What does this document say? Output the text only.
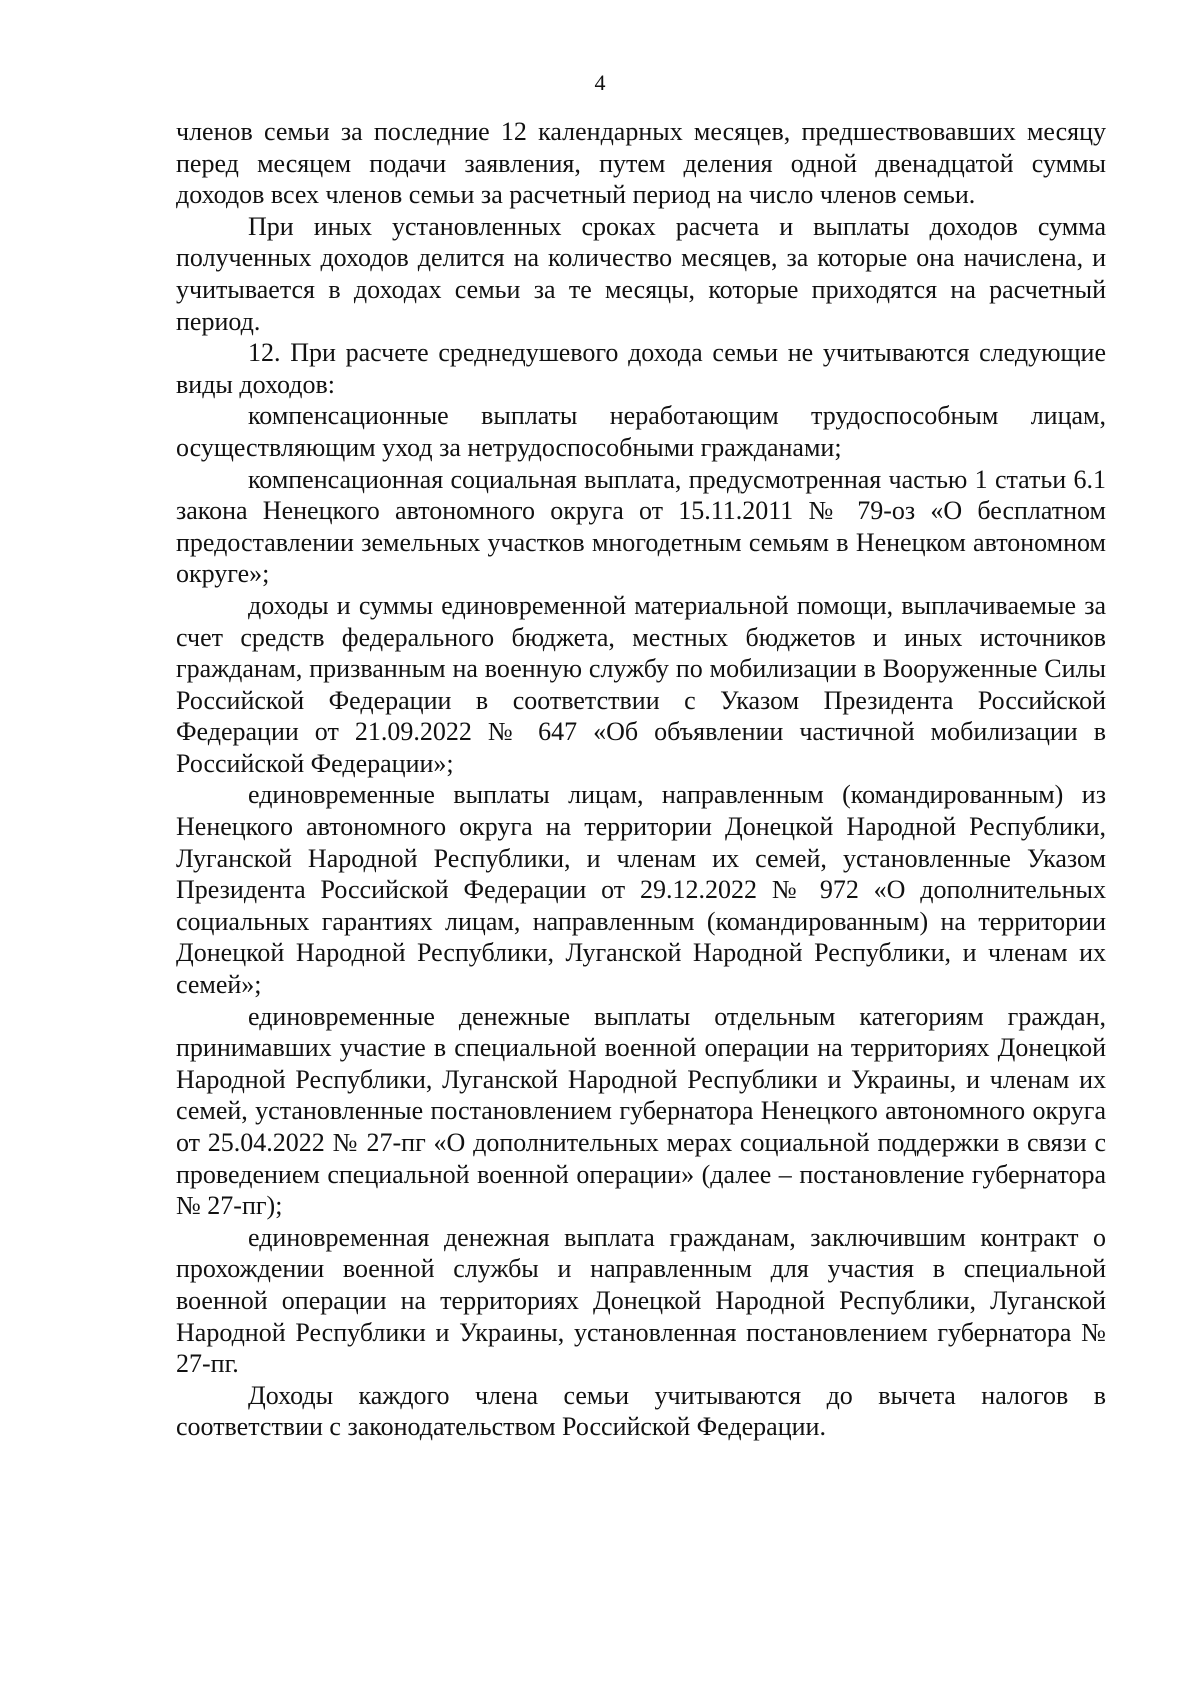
4

членов семьи за последние 12 календарных месяцев, предшествовавших месяцу перед месяцем подачи заявления, путем деления одной двенадцатой суммы доходов всех членов семьи за расчетный период на число членов семьи.

При иных установленных сроках расчета и выплаты доходов сумма полученных доходов делится на количество месяцев, за которые она начислена, и учитывается в доходах семьи за те месяцы, которые приходятся на расчетный период.

12. При расчете среднедушевого дохода семьи не учитываются следующие виды доходов:

компенсационные выплаты неработающим трудоспособным лицам, осуществляющим уход за нетрудоспособными гражданами;

компенсационная социальная выплата, предусмотренная частью 1 статьи 6.1 закона Ненецкого автономного округа от 15.11.2011 № 79-оз «О бесплатном предоставлении земельных участков многодетным семьям в Ненецком автономном округе»;

доходы и суммы единовременной материальной помощи, выплачиваемые за счет средств федерального бюджета, местных бюджетов и иных источников гражданам, призванным на военную службу по мобилизации в Вооруженные Силы Российской Федерации в соответствии с Указом Президента Российской Федерации от 21.09.2022 № 647 «Об объявлении частичной мобилизации в Российской Федерации»;

единовременные выплаты лицам, направленным (командированным) из Ненецкого автономного округа на территории Донецкой Народной Республики, Луганской Народной Республики, и членам их семей, установленные Указом Президента Российской Федерации от 29.12.2022 № 972 «О дополнительных социальных гарантиях лицам, направленным (командированным) на территории Донецкой Народной Республики, Луганской Народной Республики, и членам их семей»;

единовременные денежные выплаты отдельным категориям граждан, принимавших участие в специальной военной операции на территориях Донецкой Народной Республики, Луганской Народной Республики и Украины, и членам их семей, установленные постановлением губернатора Ненецкого автономного округа от 25.04.2022 № 27-пг «О дополнительных мерах социальной поддержки в связи с проведением специальной военной операции» (далее – постановление губернатора № 27-пг);

единовременная денежная выплата гражданам, заключившим контракт о прохождении военной службы и направленным для участия в специальной военной операции на территориях Донецкой Народной Республики, Луганской Народной Республики и Украины, установленная постановлением губернатора № 27-пг.

Доходы каждого члена семьи учитываются до вычета налогов в соответствии с законодательством Российской Федерации.
